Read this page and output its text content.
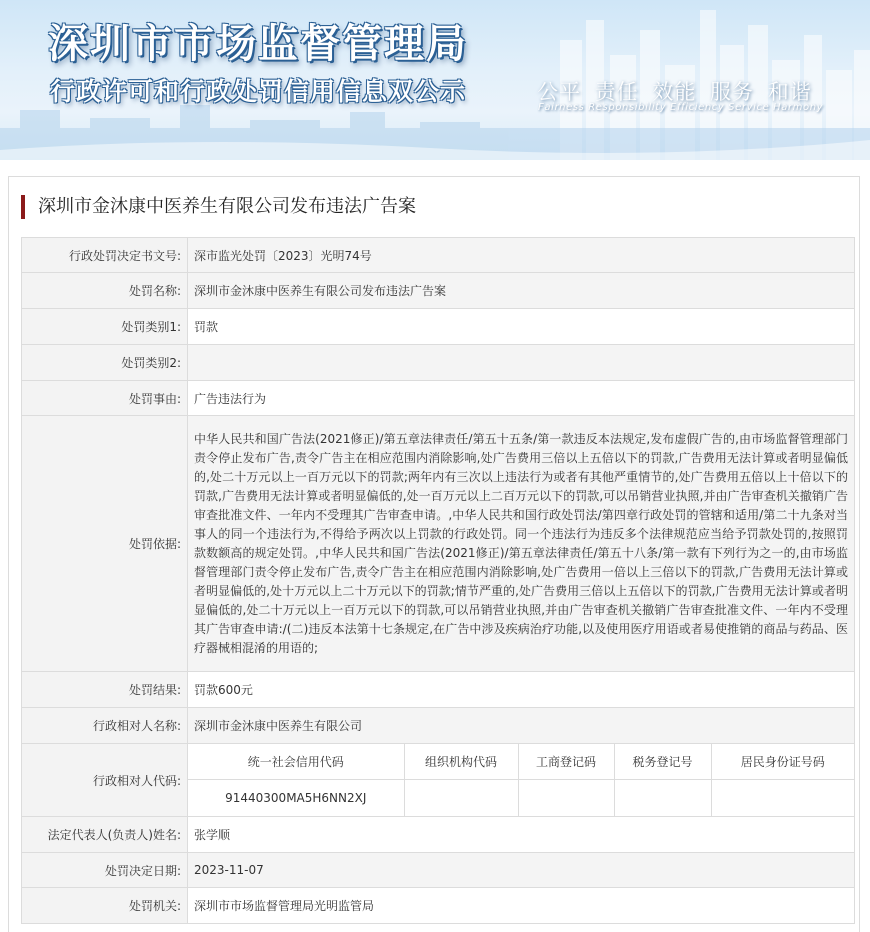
深圳市市场监督管理局
行政许可和行政处罚信用信息双公示	公平 责任 效能 服务 和谐
Fairness Responsibility Efficiency Service Harmony
深圳市金沐康中医养生有限公司发布违法广告案
行政处罚决定书文号:	深市监光处罚〔2023〕光明74号
处罚名称:	深圳市金沐康中医养生有限公司发布违法广告案
处罚类别1:	罚款
处罚类别2:	
处罚事由:	广告违法行为
处罚依据:	
中华人民共和国广告法(2021修正)/第五章法律责任/第五十五条/第一款违反本法规定,发布虚假广告的,由市场监督管理部门责令停止发布广告,责令广告主在相应范围内消除影响,处广告费用三倍以上五倍以下的罚款,广告费用无法计算或者明显偏低的,处二十万元以上一百万元以下的罚款;两年内有三次以上违法行为或者有其他严重情节的,处广告费用五倍以上十倍以下的罚款,广告费用无法计算或者明显偏低的,处一百万元以上二百万元以下的罚款,可以吊销营业执照,并由广告审查机关撤销广告审查批准文件、一年内不受理其广告审查申请。,中华人民共和国行政处罚法/第四章行政处罚的管辖和适用/第二十九条对当事人的同一个违法行为,不得给予两次以上罚款的行政处罚。同一个违法行为违反多个法律规范应当给予罚款处罚的,按照罚款数额高的规定处罚。,中华人民共和国广告法(2021修正)/第五章法律责任/第五十八条/第一款有下列行为之一的,由市场监督管理部门责令停止发布广告,责令广告主在相应范围内消除影响,处广告费用一倍以上三倍以下的罚款,广告费用无法计算或者明显偏低的,处十万元以上二十万元以下的罚款;情节严重的,处广告费用三倍以上五倍以下的罚款,广告费用无法计算或者明显偏低的,处二十万元以上一百万元以下的罚款,可以吊销营业执照,并由广告审查机关撤销广告审查批准文件、一年内不受理其广告审查申请:/(二)违反本法第十七条规定,在广告中涉及疾病治疗功能,以及使用医疗用语或者易使推销的商品与药品、医疗器械相混淆的用语的;

处罚结果:	罚款600元
行政相对人名称:	深圳市金沐康中医养生有限公司
行政相对人代码:	
统一社会信用代码	组织机构代码	工商登记码	税务登记号	居民身份证号码
91440300MA5H6NN2XJ				

法定代表人(负责人)姓名:	张学顺
处罚决定日期:	2023-11-07
处罚机关:	深圳市市场监督管理局光明监管局
